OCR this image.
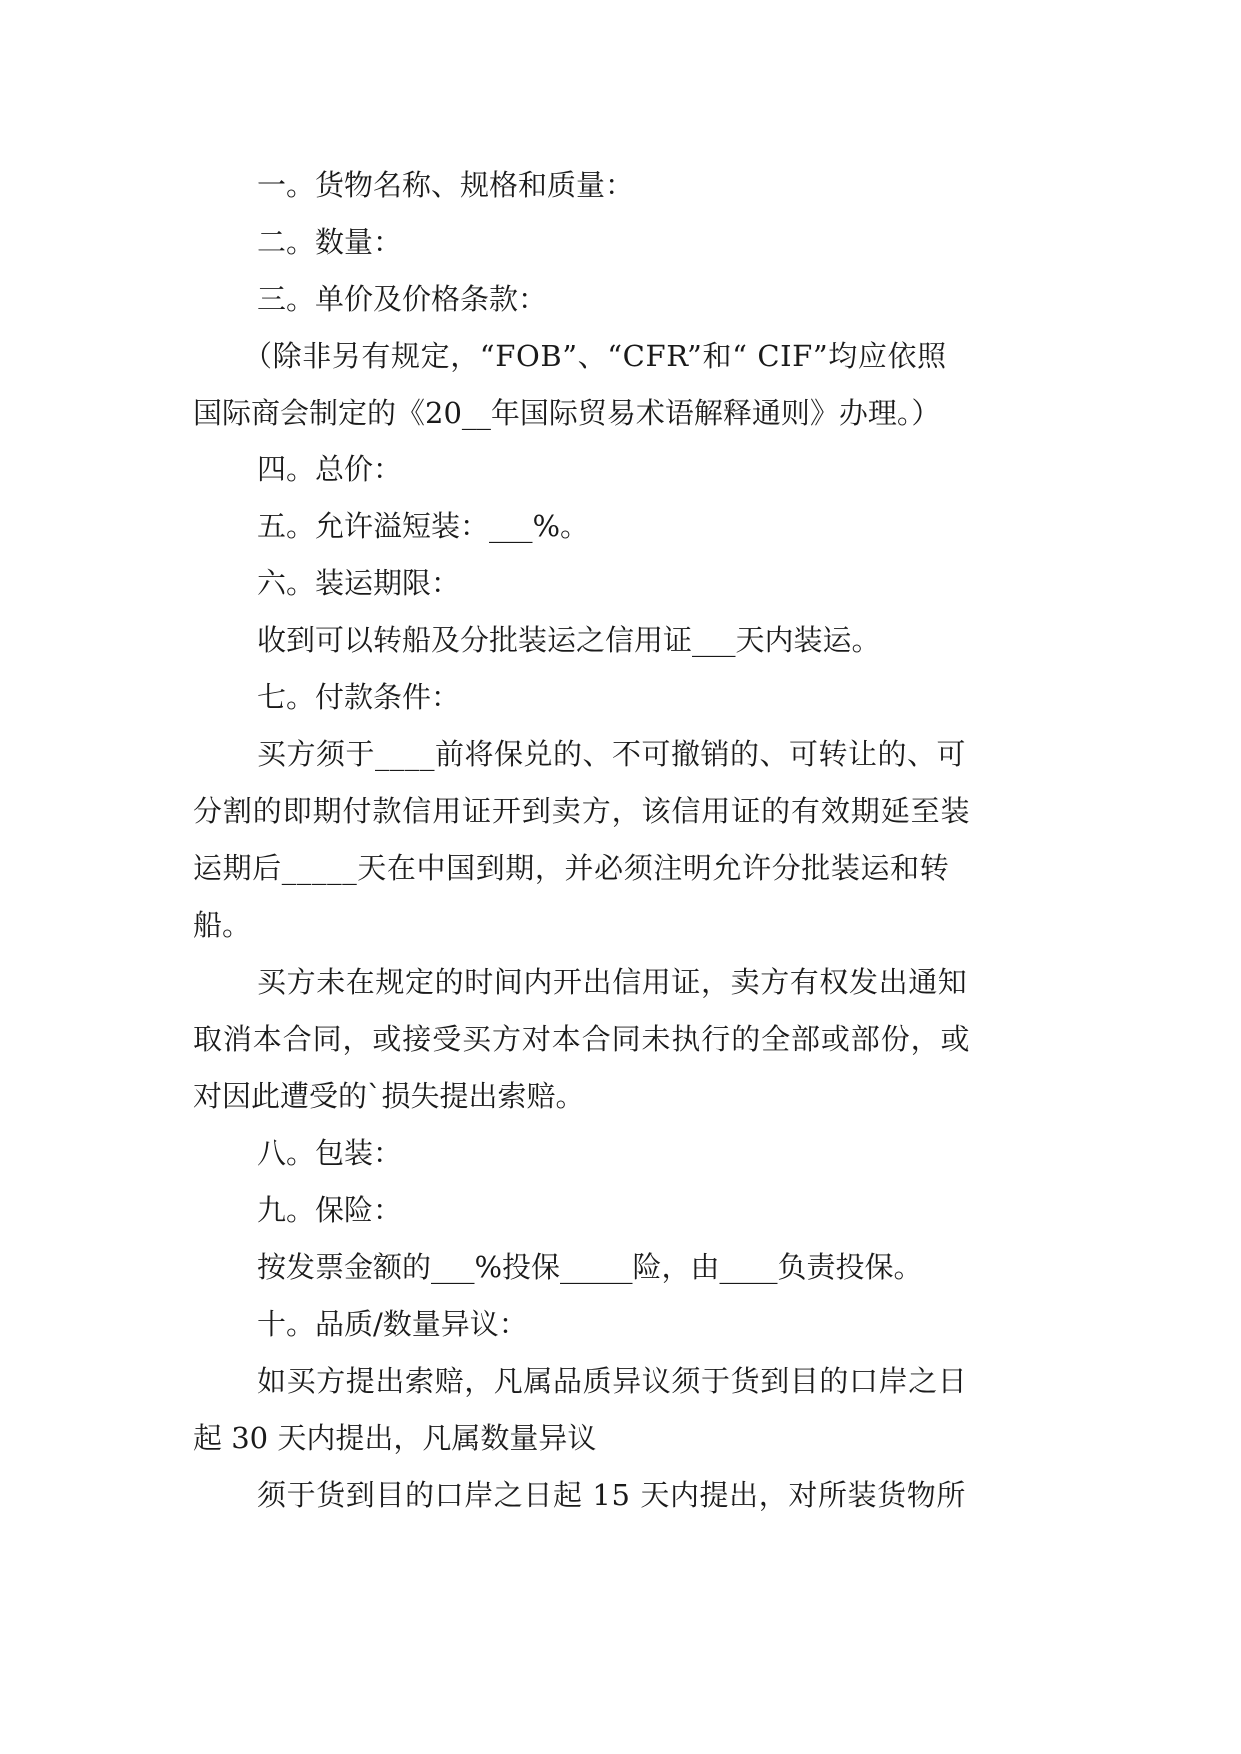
一。货物名称、规格和质量：

二。数量：

三。单价及价格条款：

（除非另有规定，“FOB”、“CFR”和“ CIF”均应依照

国际商会制定的《20__年国际贸易术语解释通则》办理。）

四。总价：

五。允许溢短装：___%。

六。装运期限：

收到可以转船及分批装运之信用证___天内装运。

七。付款条件：

买方须于____前将保兑的、不可撤销的、可转让的、可

分割的即期付款信用证开到卖方，该信用证的有效期延至装

运期后_____天在中国到期，并必须注明允许分批装运和转

船。

买方未在规定的时间内开出信用证，卖方有权发出通知

取消本合同，或接受买方对本合同未执行的全部或部份，或

对因此遭受的`损失提出索赔。

八。包装：

九。保险：

按发票金额的___%投保_____险，由____负责投保。

十。品质/数量异议：

如买方提出索赔，凡属品质异议须于货到目的口岸之日

起 30 天内提出，凡属数量异议

须于货到目的口岸之日起 15 天内提出，对所装货物所
